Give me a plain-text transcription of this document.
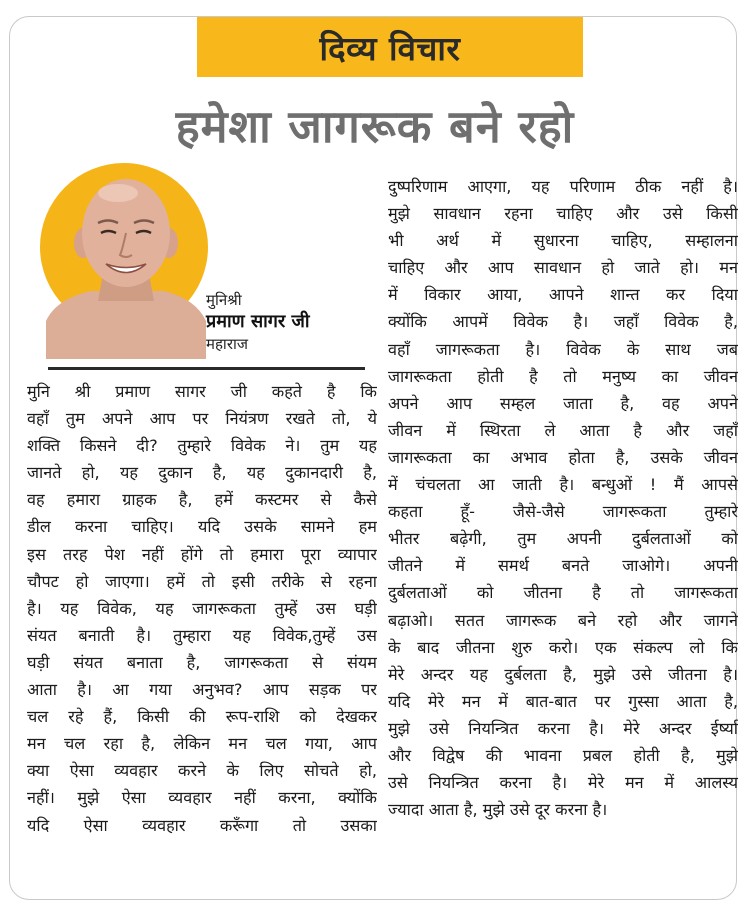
दिव्य विचार
हमेशा जागरूक बने रहो
मुनिश्री
प्रमाण सागर जी
महाराज
मुनि श्री प्रमाण सागर जी कहते है कि
वहॉं तुम अपने आप पर नियंत्रण रखते तो, ये
शक्ति किसने दी? तुम्हारे विवेक ने। तुम यह
जानते हो, यह दुकान है, यह दुकानदारी है,
वह हमारा ग्राहक है, हमें कस्टमर से कैसे
डील करना चाहिए। यदि उसके सामने हम
इस तरह पेश नहीं होंगे तो हमारा पूरा व्यापार
चौपट हो जाएगा। हमें तो इसी तरीके से रहना
है। यह विवेक, यह जागरूकता तुम्हें उस घड़ी
संयत बनाती है। तुम्हारा यह विवेक,तुम्हें उस
घड़ी संयत बनाता है, जागरूकता से संयम
आता है। आ गया अनुभव? आप सड़क पर
चल रहे हैं, किसी की रूप-राशि को देखकर
मन चल रहा है, लेकिन मन चल गया, आप
क्या ऐसा व्यवहार करने के लिए सोचते हो,
नहीं। मुझे ऐसा व्यवहार नहीं करना, क्योंकि
यदि ऐसा व्यवहार करूँगा तो उसका
दुष्परिणाम आएगा, यह परिणाम ठीक नहीं है।
मुझे सावधान रहना चाहिए और उसे किसी
भी अर्थ में सुधारना चाहिए, सम्हालना
चाहिए और आप सावधान हो जाते हो। मन
में विकार आया, आपने शान्त कर दिया
क्योंकि आपमें विवेक है। जहाँ विवेक है,
वहाँ जागरूकता है। विवेक के साथ जब
जागरूकता होती है तो मनुष्य का जीवन
अपने आप सम्हल जाता है, वह अपने
जीवन में स्थिरता ले आता है और जहाँ
जागरूकता का अभाव होता है, उसके जीवन
में चंचलता आ जाती है। बन्धुओं ! मैं आपसे
कहता हूँ- जैसे-जैसे जागरूकता तुम्हारे
भीतर बढ़ेगी, तुम अपनी दुर्बलताओं को
जीतने में समर्थ बनते जाओगे। अपनी
दुर्बलताओं को जीतना है तो जागरूकता
बढ़ाओ। सतत जागरूक बने रहो और जागने
के बाद जीतना शुरु करो। एक संकल्प लो कि
मेरे अन्दर यह दुर्बलता है, मुझे उसे जीतना है।
यदि मेरे मन में बात-बात पर गुस्सा आता है,
मुझे उसे नियन्त्रित करना है। मेरे अन्दर ईर्ष्या
और विद्वेष की भावना प्रबल होती है, मुझे
उसे नियन्त्रित करना है। मेरे मन में आलस्य
ज्यादा आता है, मुझे उसे दूर करना है।
